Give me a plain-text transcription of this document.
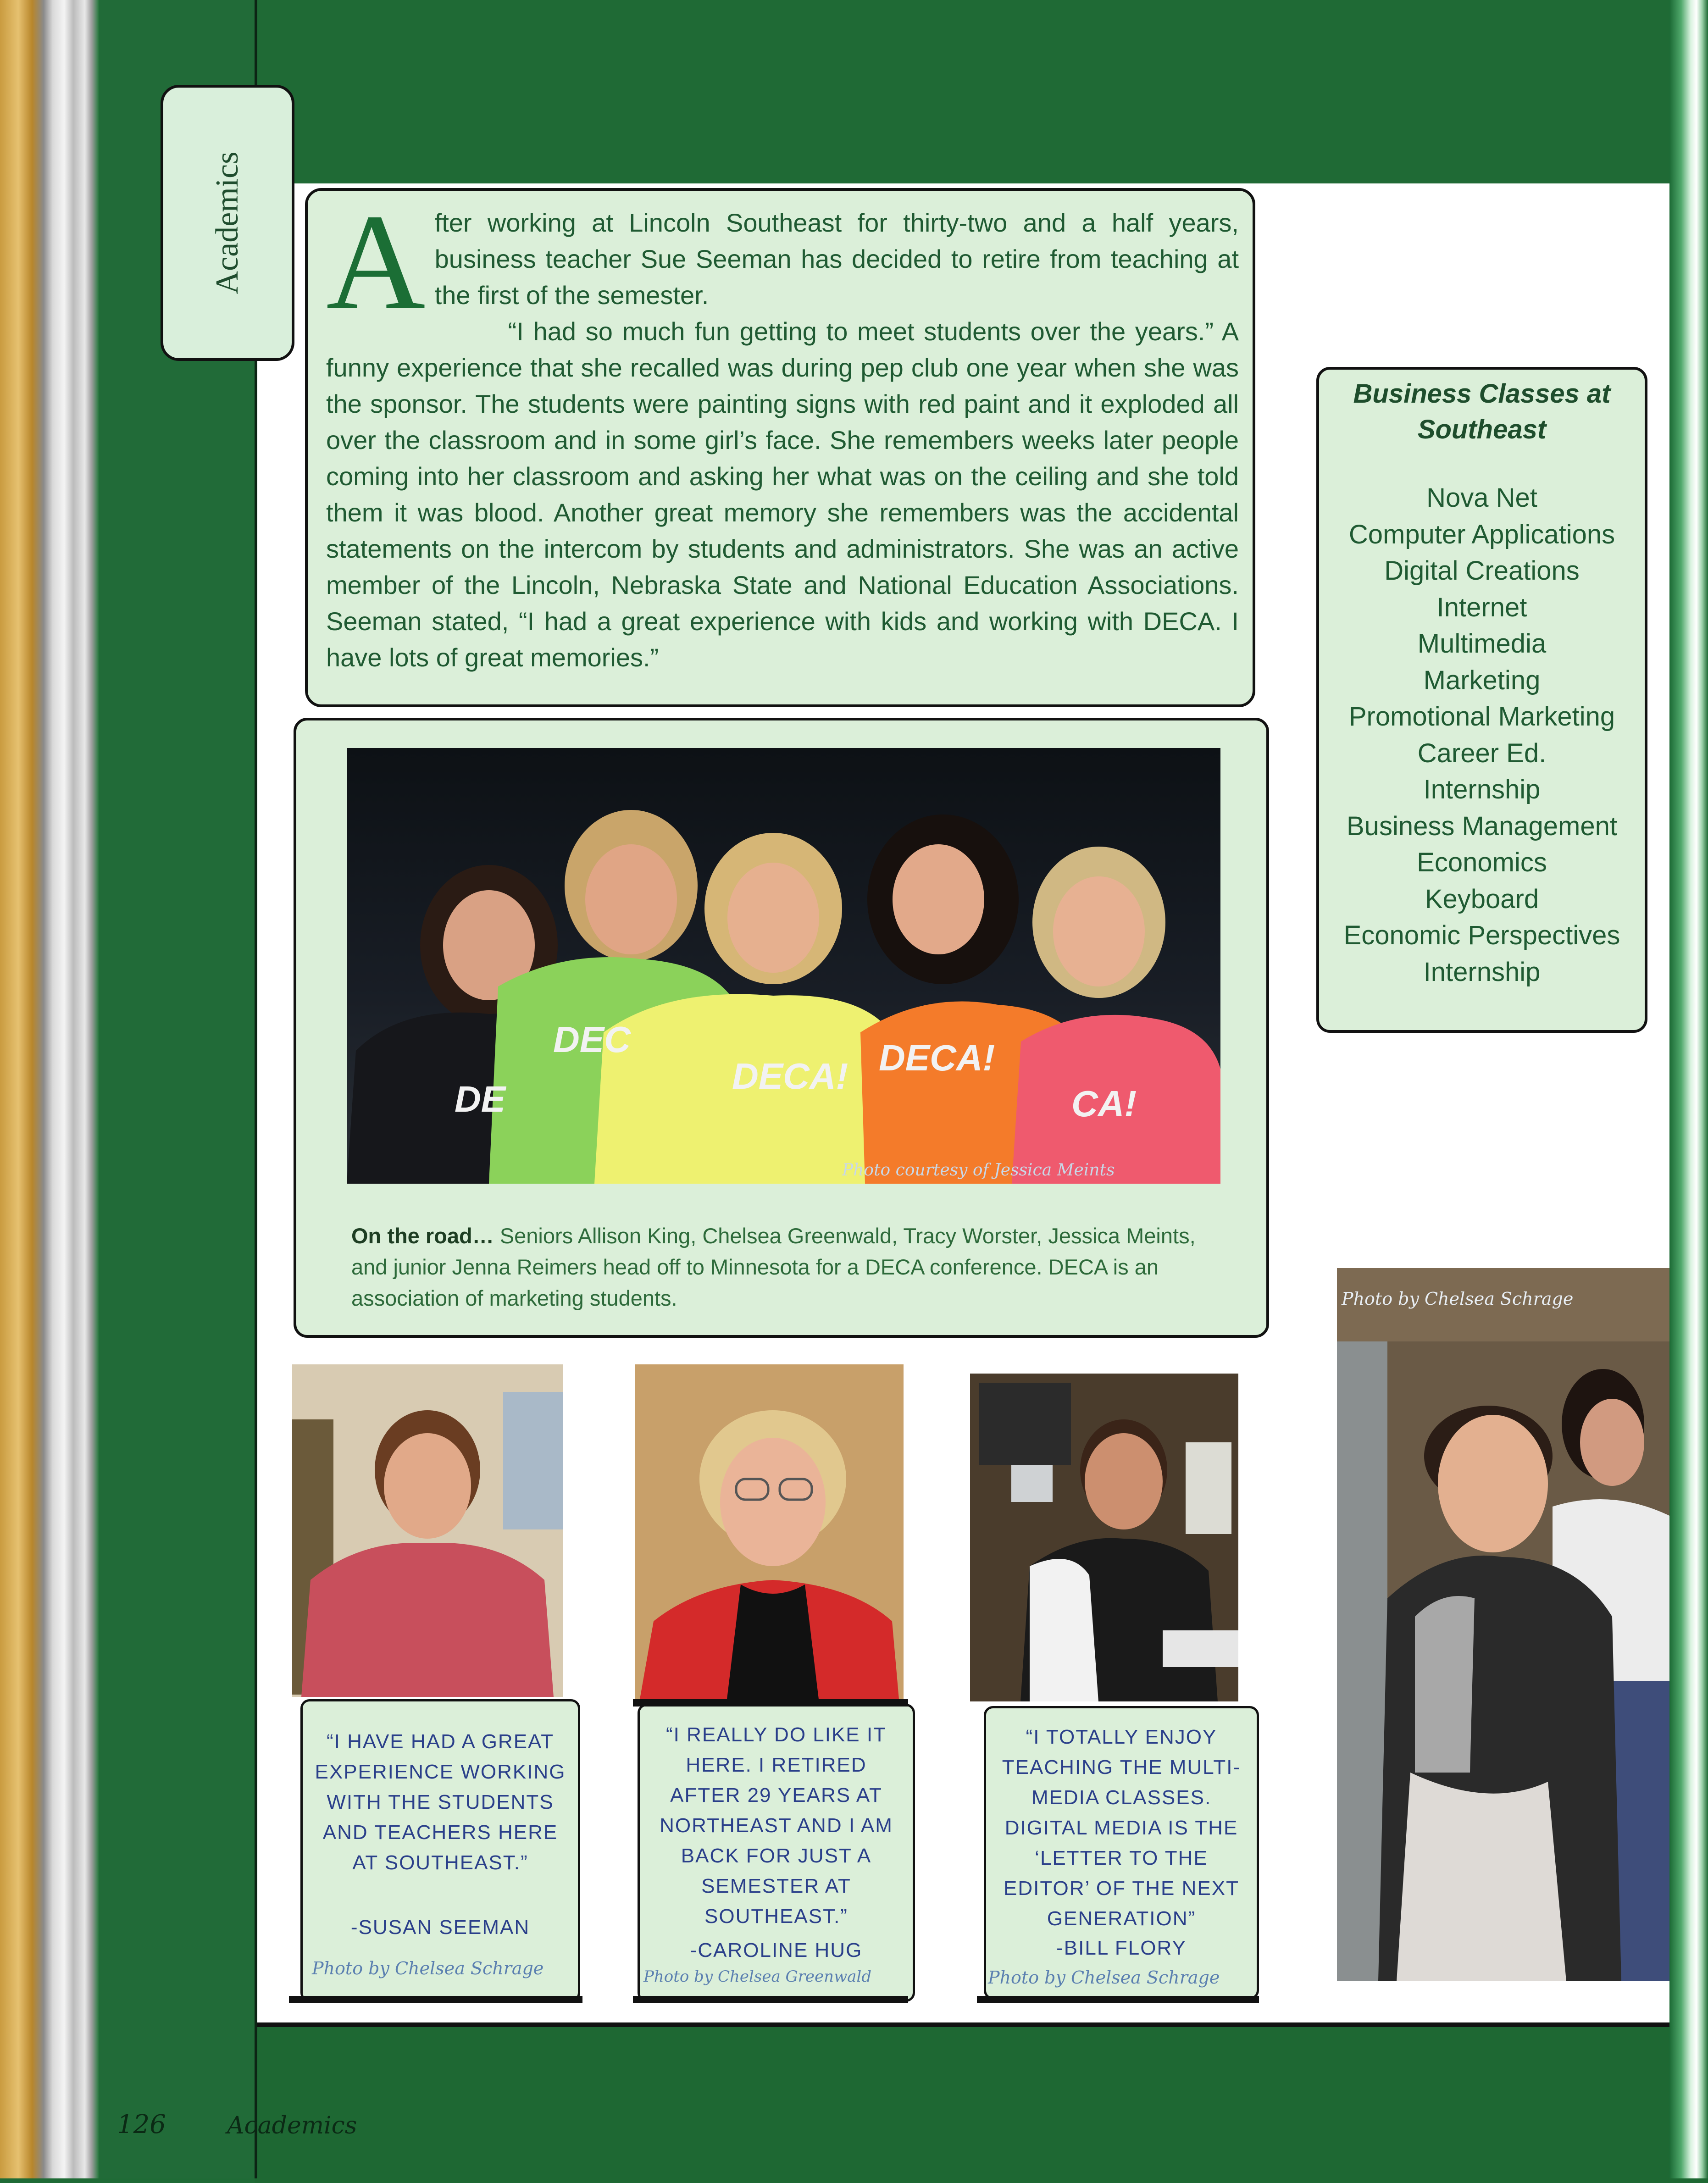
Academics A fter working at Lincoln Southeast for thirty-two and a half years, business teacher Sue Seeman has decided to retire from teaching at the first of the semester.

“I had so much fun getting to meet students over the years.” A funny experience that she recalled was during pep club one year when she was the sponsor. The students were painting signs with red paint and it exploded all over the classroom and in some girl’s face. She remembers weeks later people coming into her classroom and asking her what was on the ceiling and she told them it was blood. Another great memory she remembers was the accidental statements on the intercom by students and administrators. She was an active member of the Lincoln, Nebraska State and National Education Associations. Seeman stated, “I had a great experience with kids and working with DECA. I have lots of great memories.”

Business Classes at Southeast
Nova Net
Computer Applications
Digital Creations
Internet
Multimedia
Marketing
Promotional Marketing
Career Ed.
Internship
Business Management
Economics
Keyboard
Economic Perspectives
Internship
DE
DEC
DECA! DECA!
CA!
Photo courtesy of Jessica Meints
On the road… Seniors Allison King, Chelsea Greenwald, Tracy Worster, Jessica Meints, and junior Jenna Reimers head off to Minnesota for a DECA conference. DECA is an association of marketing students.
“I HAVE HAD A GREAT EXPERIENCE WORKING WITH THE STUDENTS AND TEACHERS HERE AT SOUTHEAST.”
-SUSAN SEEMAN
Photo by Chelsea Schrage
“I REALLY DO LIKE IT HERE. I RETIRED AFTER 29 YEARS AT NORTHEAST AND I AM BACK FOR JUST A SEMESTER AT SOUTHEAST.”
-CAROLINE HUG
Photo by Chelsea Greenwald
“I TOTALLY ENJOY TEACHING THE MULTI-MEDIA CLASSES. DIGITAL MEDIA IS THE ‘LETTER TO THE EDITOR’ OF THE NEXT GENERATION”
-BILL FLORY
Photo by Chelsea Schrage
Photo by Chelsea Schrage
126	Academics
